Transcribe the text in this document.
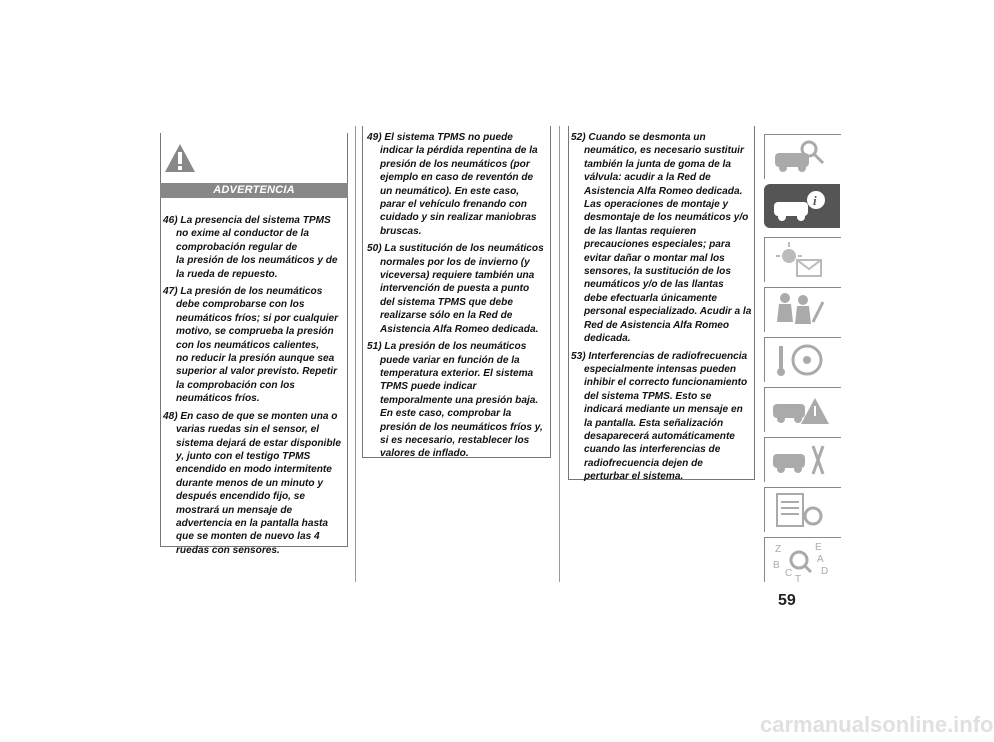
ADVERTENCIA
46) La presencia del sistema TPMS
no exime al conductor de la
comprobación regular de
la presión de los neumáticos y de
la rueda de repuesto.
47) La presión de los neumáticos
debe comprobarse con los
neumáticos fríos; si por cualquier
motivo, se comprueba la presión
con los neumáticos calientes,
no reducir la presión aunque sea
superior al valor previsto. Repetir
la comprobación con los
neumáticos fríos.
48) En caso de que se monten una o
varias ruedas sin el sensor, el
sistema dejará de estar disponible
y, junto con el testigo TPMS
encendido en modo intermitente
durante menos de un minuto y
después encendido fijo, se
mostrará un mensaje de
advertencia en la pantalla hasta
que se monten de nuevo las 4
ruedas con sensores.
49) El sistema TPMS no puede
indicar la pérdida repentina de la
presión de los neumáticos (por
ejemplo en caso de reventón de
un neumático). En este caso,
parar el vehículo frenando con
cuidado y sin realizar maniobras
bruscas.
50) La sustitución de los neumáticos
normales por los de invierno (y
viceversa) requiere también una
intervención de puesta a punto
del sistema TPMS que debe
realizarse sólo en la Red de
Asistencia Alfa Romeo dedicada.
51) La presión de los neumáticos
puede variar en función de la
temperatura exterior. El sistema
TPMS puede indicar
temporalmente una presión baja.
En este caso, comprobar la
presión de los neumáticos fríos y,
si es necesario, restablecer los
valores de inflado.
52) Cuando se desmonta un
neumático, es necesario sustituir
también la junta de goma de la
válvula: acudir a la Red de
Asistencia Alfa Romeo dedicada.
Las operaciones de montaje y
desmontaje de los neumáticos y/o
de las llantas requieren
precauciones especiales; para
evitar dañar o montar mal los
sensores, la sustitución de los
neumáticos y/o de las llantas
debe efectuarla únicamente
personal especializado. Acudir a la
Red de Asistencia Alfa Romeo
dedicada.
53) Interferencias de radiofrecuencia
especialmente intensas pueden
inhibir el correcto funcionamiento
del sistema TPMS. Esto se
indicará mediante un mensaje en
la pantalla. Esta señalización
desaparecerá automáticamente
cuando las interferencias de
radiofrecuencia dejen de
perturbar el sistema.
i
Z	E
B
A
C
T
D
59
carmanualsonline.info
